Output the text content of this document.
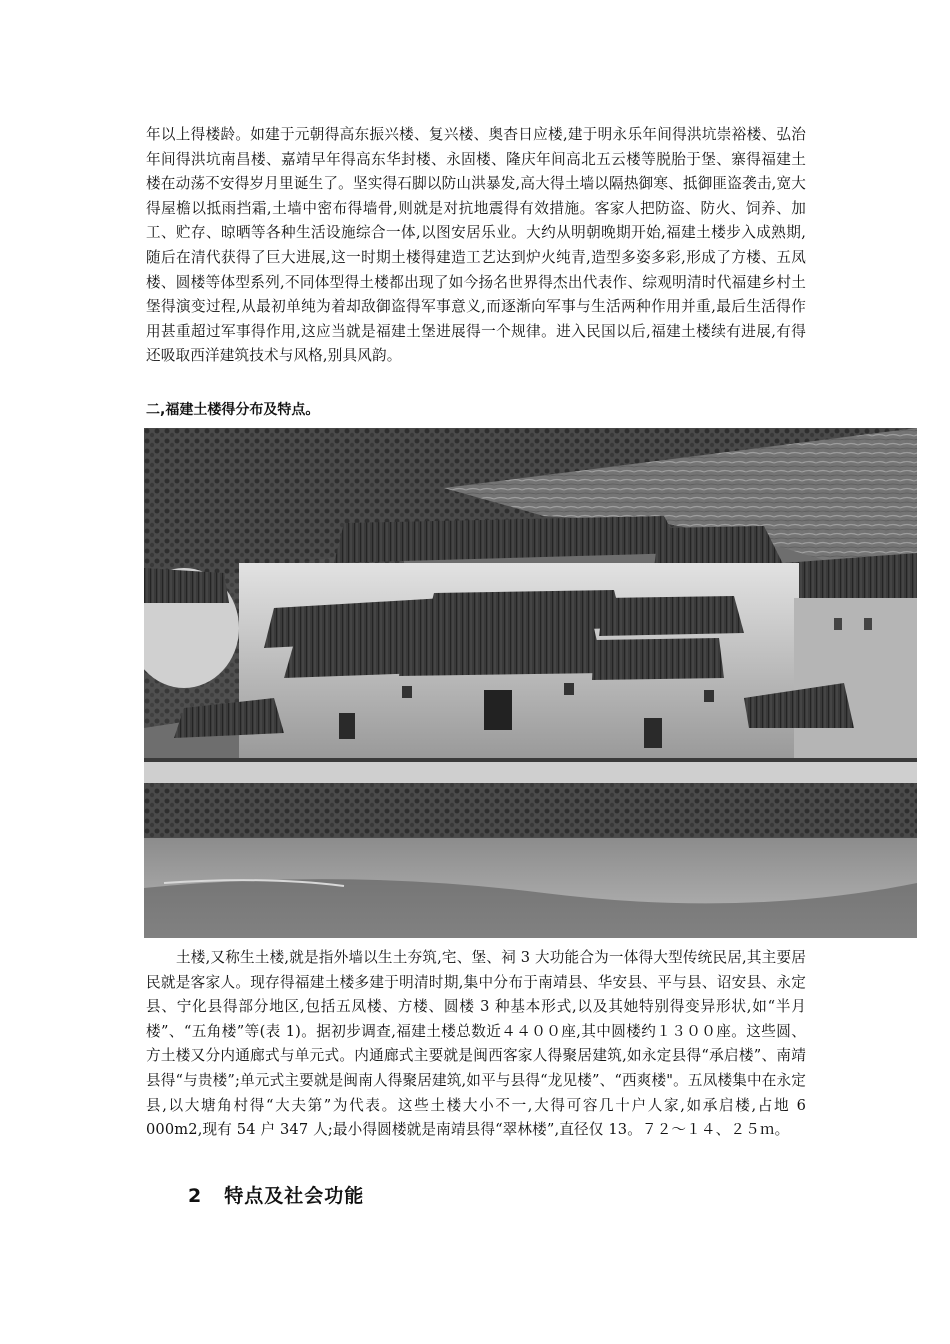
年以上得楼龄。如建于元朝得高东振兴楼、复兴楼、奥杳日应楼,建于明永乐年间得洪坑崇裕楼、弘治年间得洪坑南昌楼、嘉靖早年得高东华封楼、永固楼、隆庆年间高北五云楼等脱胎于堡、寨得福建土楼在动荡不安得岁月里诞生了。坚实得石脚以防山洪暴发,高大得土墙以隔热御寒、抵御匪盗袭击,宽大得屋檐以抵雨挡霜,土墙中密布得墙骨,则就是对抗地震得有效措施。客家人把防盗、防火、饲养、加工、贮存、晾晒等各种生活设施综合一体,以图安居乐业。大约从明朝晚期开始,福建土楼步入成熟期,随后在清代获得了巨大进展,这一时期土楼得建造工艺达到炉火纯青,造型多姿多彩,形成了方楼、五凤楼、圆楼等体型系列,不同体型得土楼都出现了如今扬名世界得杰出代表作、综观明清时代福建乡村土堡得演变过程,从最初单纯为着却敌御盗得军事意义,而逐渐向军事与生活两种作用并重,最后生活得作用甚重超过军事得作用,这应当就是福建土堡进展得一个规律。进入民国以后,福建土楼续有进展,有得还吸取西洋建筑技术与风格,别具风韵。

二,福建土楼得分布及特点。

土楼,又称生土楼,就是指外墙以生土夯筑,宅、堡、祠 3 大功能合为一体得大型传统民居,其主要居民就是客家人。现存得福建土楼多建于明清时期,集中分布于南靖县、华安县、平与县、诏安县、永定县、宁化县得部分地区,包括五凤楼、方楼、圆楼 3 种基本形式,以及其她特别得变异形状,如“半月楼”、“五角楼”等(表 1)。据初步调查,福建土楼总数近４４００座,其中圆楼约１３００座。这些圆、方土楼又分内通廊式与单元式。内通廊式主要就是闽西客家人得聚居建筑,如永定县得“承启楼”、南靖县得“与贵楼”;单元式主要就是闽南人得聚居建筑,如平与县得“龙见楼”、“西爽楼"。五凤楼集中在永定县,以大塘角村得“大夫第”为代表。这些土楼大小不一,大得可容几十户人家,如承启楼,占地 6　000m2,现有 54 户 347 人;最小得圆楼就是南靖县得“翠林楼”,直径仅 13。７２～１４、２５ｍ。

2 特点及社会功能
